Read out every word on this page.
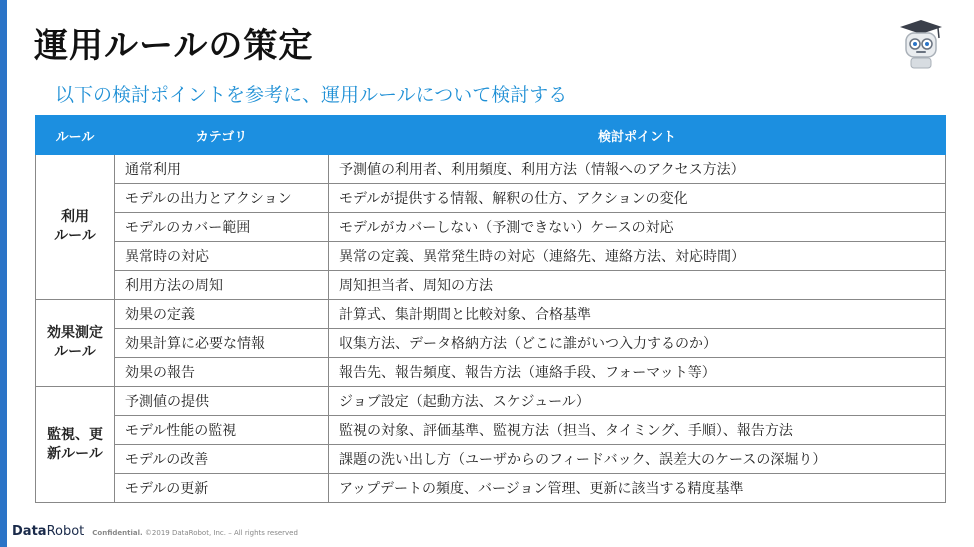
運用ルールの策定
以下の検討ポイントを参考に、運用ルールについて検討する
ルール	カテゴリ	検討ポイント
利用
ルール	通常利用	予測値の利用者、利用頻度、利用方法（情報へのアクセス方法）
	モデルの出力とアクション	モデルが提供する情報、解釈の仕方、アクションの変化
	モデルのカバー範囲	モデルがカバーしない（予測できない）ケースの対応
	異常時の対応	異常の定義、異常発生時の対応（連絡先、連絡方法、対応時間）
	利用方法の周知	周知担当者、周知の方法
効果測定
ルール	効果の定義	計算式、集計期間と比較対象、合格基準
	効果計算に必要な情報	収集方法、データ格納方法（どこに誰がいつ入力するのか）
	効果の報告	報告先、報告頻度、報告方法（連絡手段、フォーマット等）
監視、更
新ルール	予測値の提供	ジョブ設定（起動方法、スケジュール）
	モデル性能の監視	監視の対象、評価基準、監視方法（担当、タイミング、手順）、報告方法
	モデルの改善	課題の洗い出し方（ユーザからのフィードバック、誤差大のケースの深堀り）
	モデルの更新	アップデートの頻度、バージョン管理、更新に該当する精度基準
DataRobot Confidential. ©2019 DataRobot, Inc. – All rights reserved
